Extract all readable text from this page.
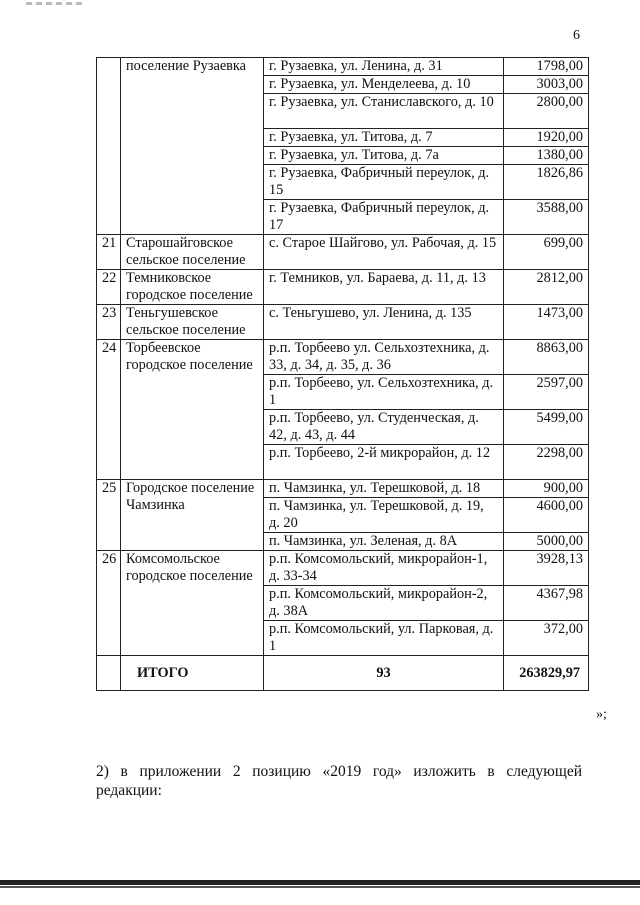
6
	поселение Рузаевка	г. Рузаевка, ул. Ленина, д. 31	1798,00
		г. Рузаевка, ул. Менделеева, д. 10	3003,00
		г. Рузаевка, ул. Станиславского, д. 10	2800,00
		г. Рузаевка, ул. Титова, д. 7	1920,00
		г. Рузаевка, ул. Титова, д. 7а	1380,00
		г. Рузаевка, Фабричный переулок, д. 15	1826,86
		г. Рузаевка, Фабричный переулок, д. 17	3588,00
21	Старошайговское сельское поселение	с. Старое Шайгово, ул. Рабочая, д. 15	699,00
22	Темниковское городское поселение	г. Темников, ул. Бараева, д. 11, д. 13	2812,00
23	Теньгушевское сельское поселение	с. Теньгушево, ул. Ленина, д. 135	1473,00
24	Торбеевское городское поселение	р.п. Торбеево ул. Сельхозтехника, д. 33, д. 34, д. 35, д. 36	8863,00
		р.п. Торбеево, ул. Сельхозтехника, д. 1	2597,00
		р.п. Торбеево, ул. Студенческая, д. 42, д. 43, д. 44	5499,00
		р.п. Торбеево, 2-й микрорайон, д. 12	2298,00
25	Городское поселение Чамзинка	п. Чамзинка, ул. Терешковой, д. 18	900,00
		п. Чамзинка, ул. Терешковой, д. 19, д. 20	4600,00
		п. Чамзинка, ул. Зеленая, д. 8А	5000,00
26	Комсомольское городское поселение	р.п. Комсомольский, микрорайон-1, д. 33-34	3928,13
		р.п. Комсомольский, микрорайон-2, д. 38А	4367,98
		р.п. Комсомольский, ул. Парковая, д. 1	372,00
	ИТОГО	93	263829,97
»;
2) в приложении 2 позицию «2019 год» изложить в следующей
редакции:
